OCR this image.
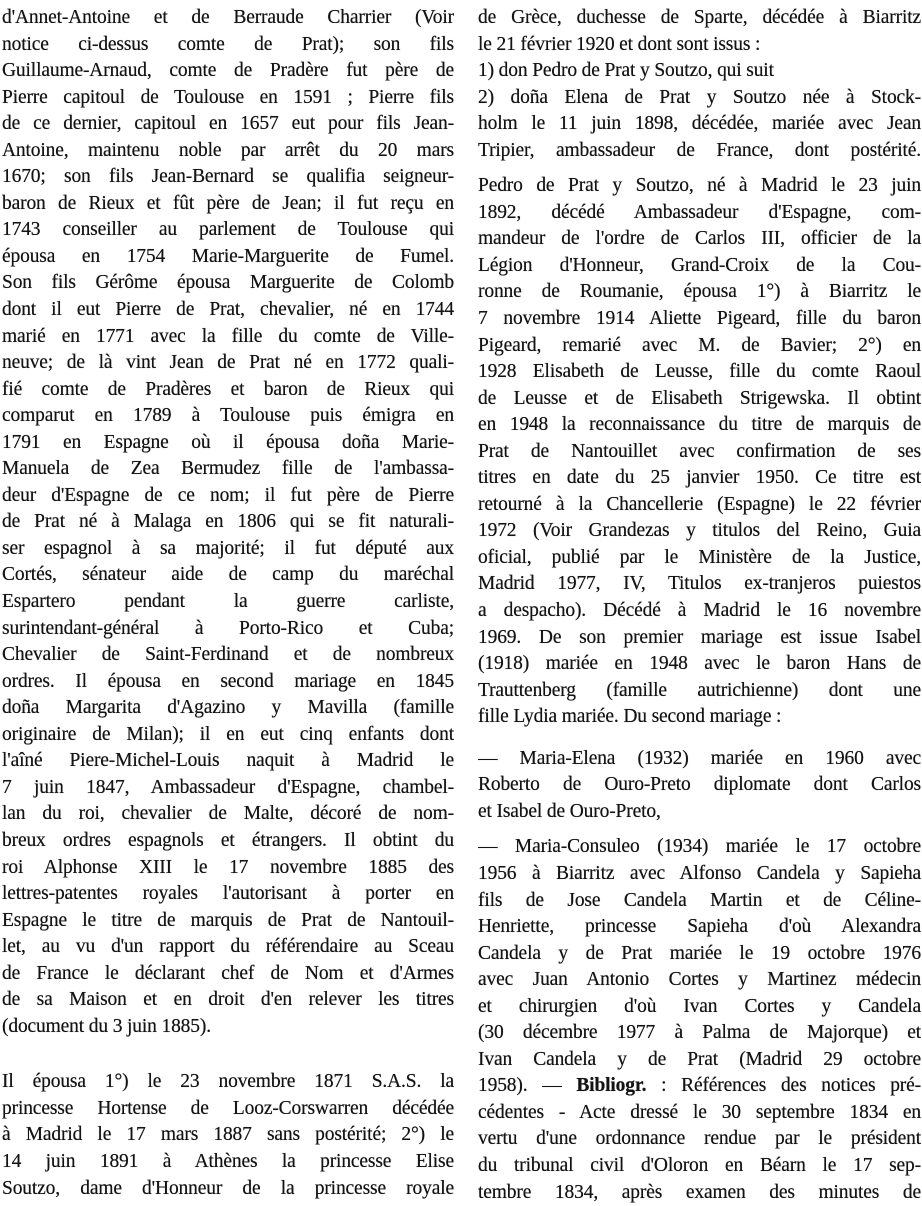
d'Annet-Antoine et de Berraude Charrier (Voir
notice ci-dessus comte de Prat); son fils
Guillaume-Arnaud, comte de Pradère fut père de
Pierre capitoul de Toulouse en 1591 ; Pierre fils
de ce dernier, capitoul en 1657 eut pour fils Jean-
Antoine, maintenu noble par arrêt du 20 mars
1670; son fils Jean-Bernard se qualifia seigneur-
baron de Rieux et fût père de Jean; il fut reçu en
1743 conseiller au parlement de Toulouse qui
épousa en 1754 Marie-Marguerite de Fumel.
Son fils Gérôme épousa Marguerite de Colomb
dont il eut Pierre de Prat, chevalier, né en 1744
marié en 1771 avec la fille du comte de Ville-
neuve; de là vint Jean de Prat né en 1772 quali-
fié comte de Pradères et baron de Rieux qui
comparut en 1789 à Toulouse puis émigra en
1791 en Espagne où il épousa doña Marie-
Manuela de Zea Bermudez fille de l'ambassa-
deur d'Espagne de ce nom; il fut père de Pierre
de Prat né à Malaga en 1806 qui se fit naturali-
ser espagnol à sa majorité; il fut député aux
Cortés, sénateur aide de camp du maréchal
Espartero pendant la guerre carliste,
surintendant-général à Porto-Rico et Cuba;
Chevalier de Saint-Ferdinand et de nombreux
ordres. Il épousa en second mariage en 1845
doña Margarita d'Agazino y Mavilla (famille
originaire de Milan); il en eut cinq enfants dont
l'aîné Piere-Michel-Louis naquit à Madrid le
7 juin 1847, Ambassadeur d'Espagne, chambel-
lan du roi, chevalier de Malte, décoré de nom-
breux ordres espagnols et étrangers. Il obtint du
roi Alphonse XIII le 17 novembre 1885 des
lettres-patentes royales l'autorisant à porter en
Espagne le titre de marquis de Prat de Nantouil-
let, au vu d'un rapport du référendaire au Sceau
de France le déclarant chef de Nom et d'Armes
de sa Maison et en droit d'en relever les titres
(document du 3 juin 1885).
Il épousa 1°) le 23 novembre 1871 S.A.S. la
princesse Hortense de Looz-Corswarren décédée
à Madrid le 17 mars 1887 sans postérité; 2°) le
14 juin 1891 à Athènes la princesse Elise
Soutzo, dame d'Honneur de la princesse royale
de Grèce, duchesse de Sparte, décédée à Biarritz
le 21 février 1920 et dont sont issus :
1) don Pedro de Prat y Soutzo, qui suit
2) doña Elena de Prat y Soutzo née à Stock-
holm le 11 juin 1898, décédée, mariée avec Jean
Tripier, ambassadeur de France, dont postérité.
Pedro de Prat y Soutzo, né à Madrid le 23 juin
1892, décédé Ambassadeur d'Espagne, com-
mandeur de l'ordre de Carlos III, officier de la
Légion d'Honneur, Grand-Croix de la Cou-
ronne de Roumanie, épousa 1°) à Biarritz le
7 novembre 1914 Aliette Pigeard, fille du baron
Pigeard, remarié avec M. de Bavier; 2°) en
1928 Elisabeth de Leusse, fille du comte Raoul
de Leusse et de Elisabeth Strigewska. Il obtint
en 1948 la reconnaissance du titre de marquis de
Prat de Nantouillet avec confirmation de ses
titres en date du 25 janvier 1950. Ce titre est
retourné à la Chancellerie (Espagne) le 22 février
1972 (Voir Grandezas y titulos del Reino, Guia
oficial, publié par le Ministère de la Justice,
Madrid 1977, IV, Titulos ex-tranjeros puiestos
a despacho). Décédé à Madrid le 16 novembre
1969. De son premier mariage est issue Isabel
(1918) mariée en 1948 avec le baron Hans de
Trauttenberg (famille autrichienne) dont une
fille Lydia mariée. Du second mariage :
— Maria-Elena (1932) mariée en 1960 avec
Roberto de Ouro-Preto diplomate dont Carlos
et Isabel de Ouro-Preto,
— Maria-Consuleo (1934) mariée le 17 octobre
1956 à Biarritz avec Alfonso Candela y Sapieha
fils de Jose Candela Martin et de Céline-
Henriette, princesse Sapieha d'où Alexandra
Candela y de Prat mariée le 19 octobre 1976
avec Juan Antonio Cortes y Martinez médecin
et chirurgien d'où Ivan Cortes y Candela
(30 décembre 1977 à Palma de Majorque) et
Ivan Candela y de Prat (Madrid 29 octobre
1958). — Bibliogr. : Références des notices pré-
cédentes - Acte dressé le 30 septembre 1834 en
vertu d'une ordonnance rendue par le président
du tribunal civil d'Oloron en Béarn le 17 sep-
tembre 1834, après examen des minutes de
